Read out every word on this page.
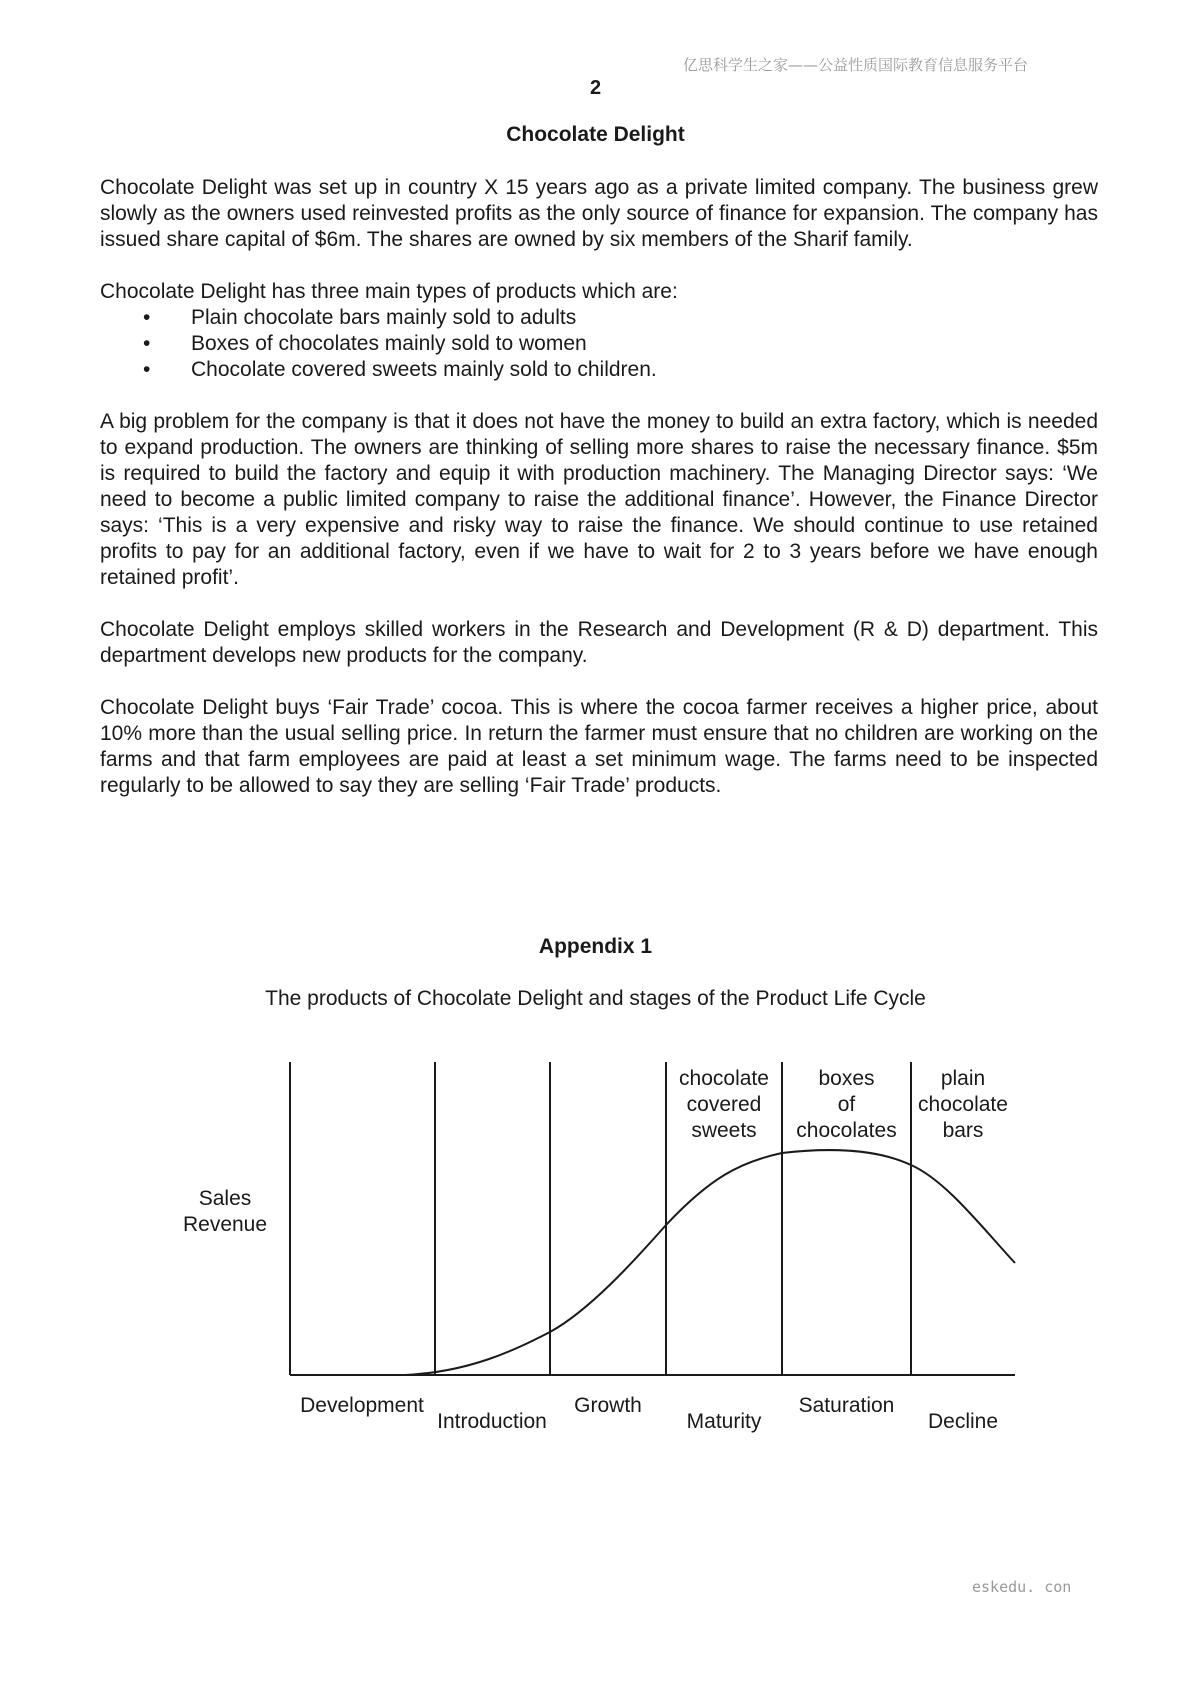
亿思科学生之家——公益性质国际教育信息服务平台
2
Chocolate Delight

Chocolate Delight was set up in country X 15 years ago as a private limited company. The business grew slowly as the owners used reinvested profits as the only source of finance for expansion. The company has issued share capital of $6m. The shares are owned by six members of the Sharif family.

Chocolate Delight has three main types of products which are:

• Plain chocolate bars mainly sold to adults
• Boxes of chocolates mainly sold to women
• Chocolate covered sweets mainly sold to children.

A big problem for the company is that it does not have the money to build an extra factory, which is needed to expand production. The owners are thinking of selling more shares to raise the necessary finance. $5m is required to build the factory and equip it with production machinery. The Managing Director says: ‘We need to become a public limited company to raise the additional finance’. However, the Finance Director says: ‘This is a very expensive and risky way to raise the finance. We should continue to use retained profits to pay for an additional factory, even if we have to wait for 2 to 3 years before we have enough retained profit’.

Chocolate Delight employs skilled workers in the Research and Development (R & D) department. This department develops new products for the company.

Chocolate Delight buys ‘Fair Trade’ cocoa. This is where the cocoa farmer receives a higher price, about 10% more than the usual selling price. In return the farmer must ensure that no children are working on the farms and that farm employees are paid at least a set minimum wage. The farms need to be inspected regularly to be allowed to say they are selling ‘Fair Trade’ products.

Appendix 1
The products of Chocolate Delight and stages of the Product Life Cycle
Sales
Revenue
Development
Introduction
Growth
Maturity
Saturation
Decline
chocolate
covered
sweets
boxes
of
chocolates
plain
chocolate
bars
eskedu. con
